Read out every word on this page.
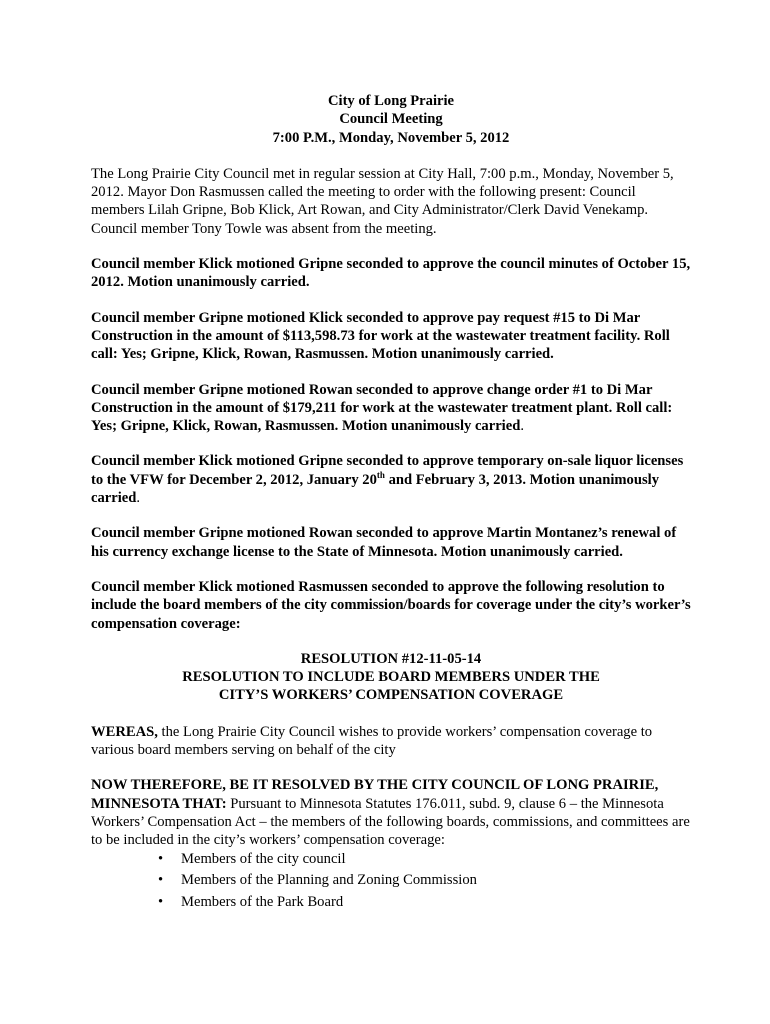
City of Long Prairie
Council Meeting
7:00 P.M., Monday, November 5, 2012

The Long Prairie City Council met in regular session at City Hall, 7:00 p.m., Monday, November 5, 2012. Mayor Don Rasmussen called the meeting to order with the following present: Council members Lilah Gripne, Bob Klick, Art Rowan, and City Administrator/Clerk David Venekamp. Council member Tony Towle was absent from the meeting.

Council member Klick motioned Gripne seconded to approve the council minutes of October 15, 2012. Motion unanimously carried.

Council member Gripne motioned Klick seconded to approve pay request #15 to Di Mar Construction in the amount of $113,598.73 for work at the wastewater treatment facility. Roll call: Yes; Gripne, Klick, Rowan, Rasmussen. Motion unanimously carried.

Council member Gripne motioned Rowan seconded to approve change order #1 to Di Mar Construction in the amount of $179,211 for work at the wastewater treatment plant. Roll call: Yes; Gripne, Klick, Rowan, Rasmussen. Motion unanimously carried.

Council member Klick motioned Gripne seconded to approve temporary on-sale liquor licenses to the VFW for December 2, 2012, January 20th and February 3, 2013. Motion unanimously carried.

Council member Gripne motioned Rowan seconded to approve Martin Montanez’s renewal of his currency exchange license to the State of Minnesota. Motion unanimously carried.

Council member Klick motioned Rasmussen seconded to approve the following resolution to include the board members of the city commission/boards for coverage under the city’s worker’s compensation coverage:

RESOLUTION #12-11-05-14
RESOLUTION TO INCLUDE BOARD MEMBERS UNDER THE
CITY’S WORKERS’ COMPENSATION COVERAGE

WEREAS, the Long Prairie City Council wishes to provide workers’ compensation coverage to various board members serving on behalf of the city

NOW THEREFORE, BE IT RESOLVED BY THE CITY COUNCIL OF LONG PRAIRIE, MINNESOTA THAT: Pursuant to Minnesota Statutes 176.011, subd. 9, clause 6 – the Minnesota Workers’ Compensation Act – the members of the following boards, commissions, and committees are to be included in the city’s workers’ compensation coverage:

• Members of the city council
• Members of the Planning and Zoning Commission
• Members of the Park Board
